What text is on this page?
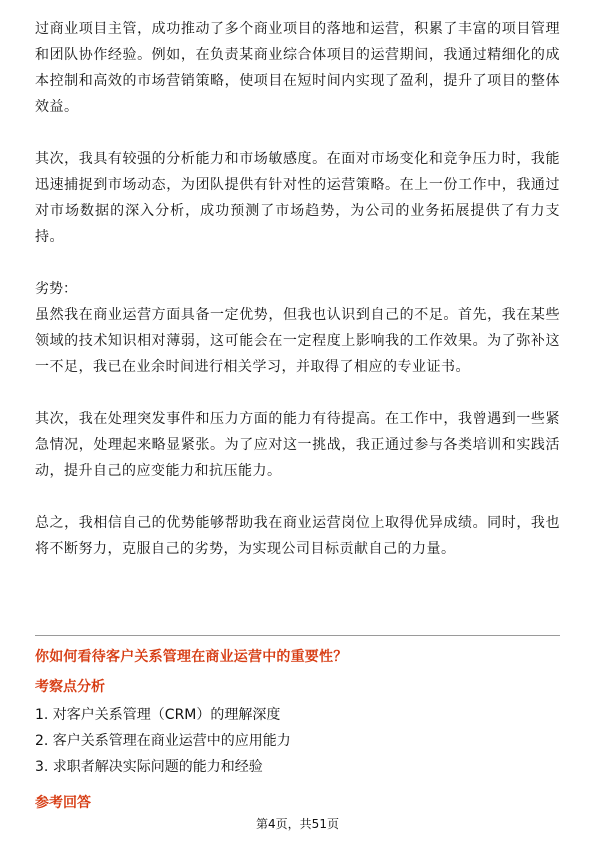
过商业项目主管，成功推动了多个商业项目的落地和运营，积累了丰富的项目管理和团队协作经验。例如，在负责某商业综合体项目的运营期间，我通过精细化的成本控制和高效的市场营销策略，使项目在短时间内实现了盈利，提升了项目的整体效益。

其次，我具有较强的分析能力和市场敏感度。在面对市场变化和竞争压力时，我能迅速捕捉到市场动态，为团队提供有针对性的运营策略。在上一份工作中，我通过对市场数据的深入分析，成功预测了市场趋势，为公司的业务拓展提供了有力支持。

劣势：

虽然我在商业运营方面具备一定优势，但我也认识到自己的不足。首先，我在某些领域的技术知识相对薄弱，这可能会在一定程度上影响我的工作效果。为了弥补这一不足，我已在业余时间进行相关学习，并取得了相应的专业证书。

其次，我在处理突发事件和压力方面的能力有待提高。在工作中，我曾遇到一些紧急情况，处理起来略显紧张。为了应对这一挑战，我正通过参与各类培训和实践活动，提升自己的应变能力和抗压能力。

总之，我相信自己的优势能够帮助我在商业运营岗位上取得优异成绩。同时，我也将不断努力，克服自己的劣势，为实现公司目标贡献自己的力量。

你如何看待客户关系管理在商业运营中的重要性？
考察点分析
1. 对客户关系管理（CRM）的理解深度
2. 客户关系管理在商业运营中的应用能力
3. 求职者解决实际问题的能力和经验
参考回答
第4页，共51页
